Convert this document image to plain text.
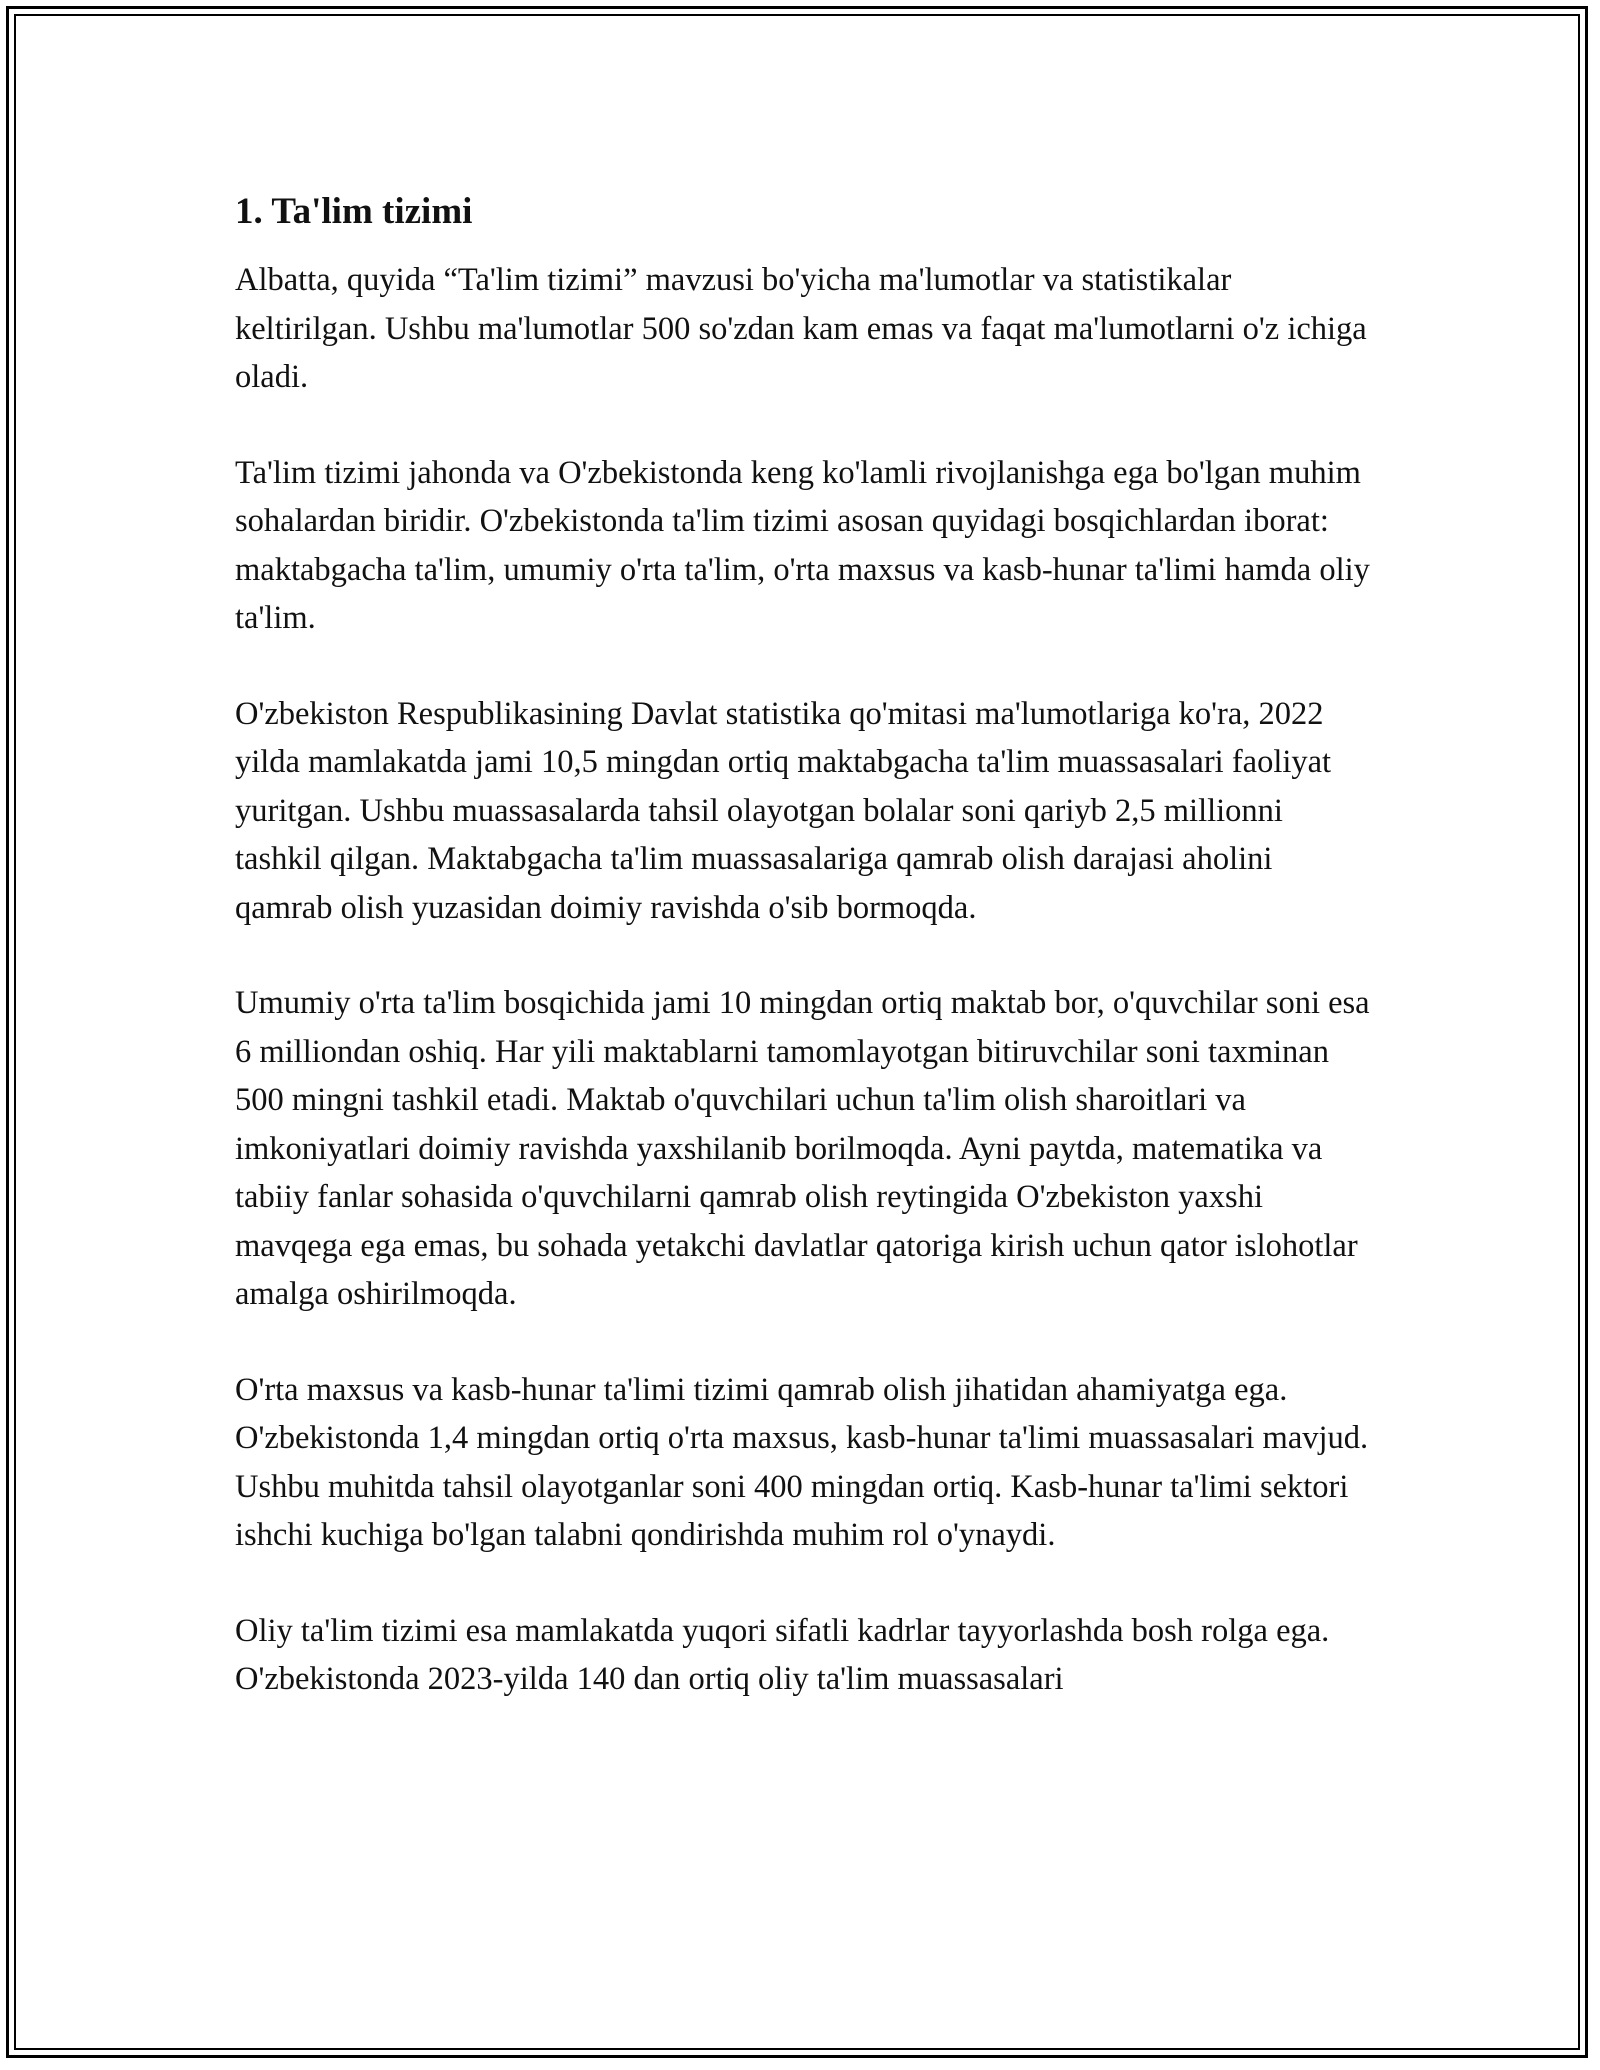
1. Ta'lim tizimi

Albatta, quyida “Ta'lim tizimi” mavzusi bo'yicha ma'lumotlar va statistikalar keltirilgan. Ushbu ma'lumotlar 500 so'zdan kam emas va faqat ma'lumotlarni o'z ichiga oladi.

Ta'lim tizimi jahonda va O'zbekistonda keng ko'lamli rivojlanishga ega bo'lgan muhim sohalardan biridir. O'zbekistonda ta'lim tizimi asosan quyidagi bosqichlardan iborat: maktabgacha ta'lim, umumiy o'rta ta'lim, o'rta maxsus va kasb-hunar ta'limi hamda oliy ta'lim.

O'zbekiston Respublikasining Davlat statistika qo'mitasi ma'lumotlariga ko'ra, 2022 yilda mamlakatda jami 10,5 mingdan ortiq maktabgacha ta'lim muassasalari faoliyat yuritgan. Ushbu muassasalarda tahsil olayotgan bolalar soni qariyb 2,5 millionni tashkil qilgan. Maktabgacha ta'lim muassasalariga qamrab olish darajasi aholini qamrab olish yuzasidan doimiy ravishda o'sib bormoqda.

Umumiy o'rta ta'lim bosqichida jami 10 mingdan ortiq maktab bor, o'quvchilar soni esa 6 milliondan oshiq. Har yili maktablarni tamomlayotgan bitiruvchilar soni taxminan 500 mingni tashkil etadi. Maktab o'quvchilari uchun ta'lim olish sharoitlari va imkoniyatlari doimiy ravishda yaxshilanib borilmoqda. Ayni paytda, matematika va tabiiy fanlar sohasida o'quvchilarni qamrab olish reytingida O'zbekiston yaxshi mavqega ega emas, bu sohada yetakchi davlatlar qatoriga kirish uchun qator islohotlar amalga oshirilmoqda.

O'rta maxsus va kasb-hunar ta'limi tizimi qamrab olish jihatidan ahamiyatga ega. O'zbekistonda 1,4 mingdan ortiq o'rta maxsus, kasb-hunar ta'limi muassasalari mavjud. Ushbu muhitda tahsil olayotganlar soni 400 mingdan ortiq. Kasb-hunar ta'limi sektori ishchi kuchiga bo'lgan talabni qondirishda muhim rol o'ynaydi.

Oliy ta'lim tizimi esa mamlakatda yuqori sifatli kadrlar tayyorlashda bosh rolga ega. O'zbekistonda 2023-yilda 140 dan ortiq oliy ta'lim muassasalari
